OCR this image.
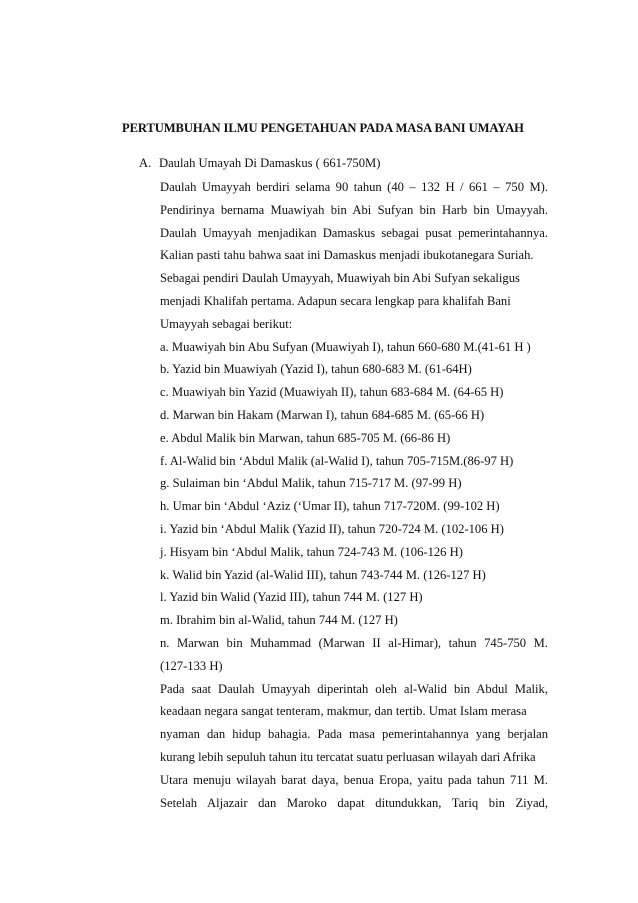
PERTUMBUHAN ILMU PENGETAHUAN PADA MASA BANI UMAYAH
A. Daulah Umayah Di Damaskus ( 661-750M)
Daulah Umayyah berdiri selama 90 tahun (40 – 132 H / 661 – 750 M).
Pendirinya bernama Muawiyah bin Abi Sufyan bin Harb bin Umayyah.
Daulah Umayyah menjadikan Damaskus sebagai pusat pemerintahannya.
Kalian pasti tahu bahwa saat ini Damaskus menjadi ibukotanegara Suriah.
Sebagai pendiri Daulah Umayyah, Muawiyah bin Abi Sufyan sekaligus
menjadi Khalifah pertama. Adapun secara lengkap para khalifah Bani
Umayyah sebagai berikut:
a. Muawiyah bin Abu Sufyan (Muawiyah I), tahun 660-680 M.(41-61 H )
b. Yazid bin Muawiyah (Yazid I), tahun 680-683 M. (61-64H)
c. Muawiyah bin Yazid (Muawiyah II), tahun 683-684 M. (64-65 H)
d. Marwan bin Hakam (Marwan I), tahun 684-685 M. (65-66 H)
e. Abdul Malik bin Marwan, tahun 685-705 M. (66-86 H)
f. Al-Walid bin ‘Abdul Malik (al-Walid I), tahun 705-715M.(86-97 H)
g. Sulaiman bin ‘Abdul Malik, tahun 715-717 M. (97-99 H)
h. Umar bin ‘Abdul ‘Aziz (‘Umar II), tahun 717-720M. (99-102 H)
i. Yazid bin ‘Abdul Malik (Yazid II), tahun 720-724 M. (102-106 H)
j. Hisyam bin ‘Abdul Malik, tahun 724-743 M. (106-126 H)
k. Walid bin Yazid (al-Walid III), tahun 743-744 M. (126-127 H)
l. Yazid bin Walid (Yazid III), tahun 744 M. (127 H)
m. Ibrahim bin al-Walid, tahun 744 M. (127 H)
n. Marwan bin Muhammad (Marwan II al-Himar), tahun 745-750 M.
(127-133 H)
Pada saat Daulah Umayyah diperintah oleh al-Walid bin Abdul Malik,
keadaan negara sangat tenteram, makmur, dan tertib. Umat Islam merasa
nyaman dan hidup bahagia. Pada masa pemerintahannya yang berjalan
kurang lebih sepuluh tahun itu tercatat suatu perluasan wilayah dari Afrika
Utara menuju wilayah barat daya, benua Eropa, yaitu pada tahun 711 M.
Setelah Aljazair dan Maroko dapat ditundukkan, Tariq bin Ziyad,
